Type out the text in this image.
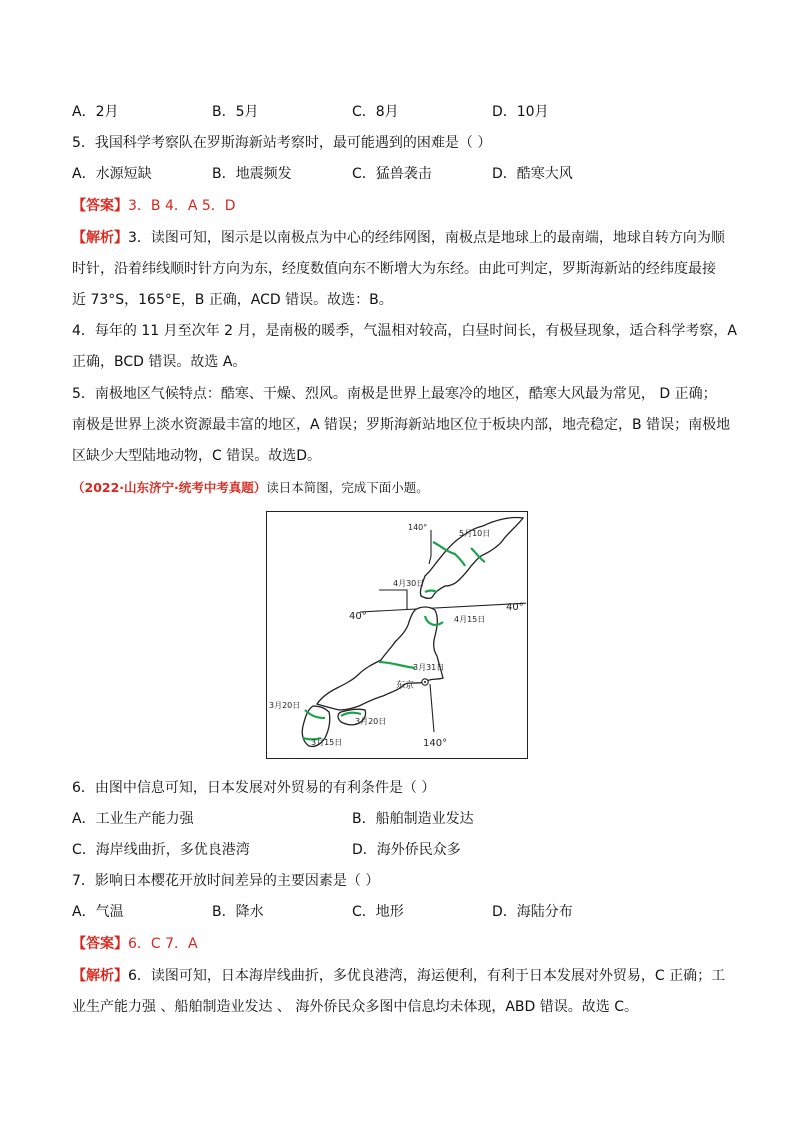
A．2月	B．5月	C．8月	D．10月
5．我国科学考察队在罗斯海新站考察时，最可能遇到的困难是（ ）
A．水源短缺	B．地震频发	C．猛兽袭击	D．酷寒大风
【答案】3．B 4．A 5．D
【解析】3．读图可知，图示是以南极点为中心的经纬网图，南极点是地球上的最南端，地球自转方向为顺
时针，沿着纬线顺时针方向为东，经度数值向东不断增大为东经。由此可判定，罗斯海新站的经纬度最接
近 73°S，165°E，B 正确，ACD 错误。故选：B。
4．每年的 11 月至次年 2 月，是南极的暖季，气温相对较高，白昼时间长，有极昼现象，适合科学考察，A
正确，BCD 错误。故选 A。
5．南极地区气候特点：酷寒、干燥、烈风。南极是世界上最寒冷的地区，酷寒大风最为常见， D 正确；
南极是世界上淡水资源最丰富的地区，A 错误；罗斯海新站地区位于板块内部，地壳稳定，B 错误；南极地
区缺少大型陆地动物，C 错误。故选D。
（2022·山东济宁·统考中考真题）读日本简图，完成下面小题。
140°
5月10日
4月30日
40°
40°
4月15日
3月31日
东京
3月20日
3月20日
3月15日	140°
6．由图中信息可知，日本发展对外贸易的有利条件是（ ）
A．工业生产能力强	B．船舶制造业发达
C．海岸线曲折，多优良港湾	D．海外侨民众多
7．影响日本樱花开放时间差异的主要因素是（ ）
A．气温	B．降水	C．地形	D．海陆分布
【答案】6．C 7．A
【解析】6．读图可知，日本海岸线曲折，多优良港湾，海运便利，有利于日本发展对外贸易，C 正确；工
业生产能力强 、船舶制造业发达 、 海外侨民众多图中信息均未体现，ABD 错误。故选 C。
